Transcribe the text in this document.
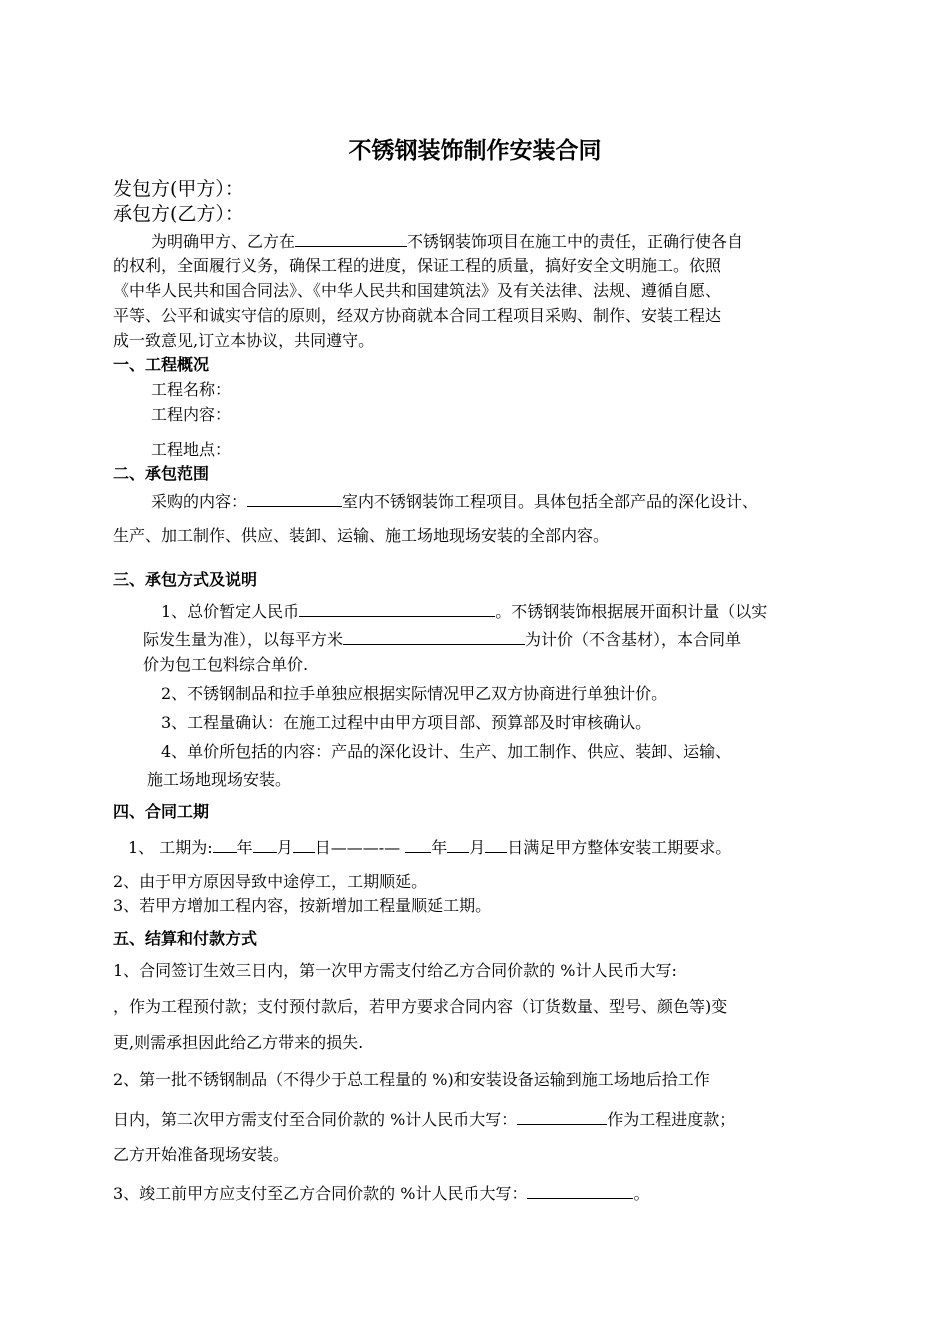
不锈钢装饰制作安装合同
发包方(甲方）：
承包方(乙方）：
为明确甲方、乙方在	不锈钢装饰项目在施工中的责任，正确行使各自
的权利，全面履行义务，确保工程的进度，保证工程的质量，搞好安全文明施工。依照
《中华人民共和国合同法》、《中华人民共和国建筑法》及有关法律、法规、遵循自愿、
平等、公平和诚实守信的原则，经双方协商就本合同工程项目采购、制作、安装工程达
成一致意见,订立本协议，共同遵守。
一、工程概况
工程名称：
工程内容：
工程地点：
二、承包范围
采购的内容：	室内不锈钢装饰工程项目。具体包括全部产品的深化设计、
生产、加工制作、供应、装卸、运输、施工场地现场安装的全部内容。
三、承包方式及说明
1、总价暂定人民币	。不锈钢装饰根据展开面积计量（以实
际发生量为准），以每平方米	为计价（不含基材），本合同单
价为包工包料综合单价.
2、不锈钢制品和拉手单独应根据实际情况甲乙双方协商进行单独计价。
3、工程量确认：在施工过程中由甲方项目部、预算部及时审核确认。
4、单价所包括的内容：产品的深化设计、生产、加工制作、供应、装卸、运输、
施工场地现场安装。
四、合同工期
1、 工期为: 年 月 日———-— 年 月 日满足甲方整体安装工期要求。
2、由于甲方原因导致中途停工，工期顺延。
3、若甲方增加工程内容，按新增加工程量顺延工期。
五、结算和付款方式
1、合同签订生效三日内，第一次甲方需支付给乙方合同价款的 %计人民币大写:
，作为工程预付款；支付预付款后，若甲方要求合同内容（订货数量、型号、颜色等)变
更,则需承担因此给乙方带来的损失.
2、第一批不锈钢制品（不得少于总工程量的 %)和安装设备运输到施工场地后拾工作
日内，第二次甲方需支付至合同价款的 %计人民币大写：	作为工程进度款；
乙方开始准备现场安装。
3、竣工前甲方应支付至乙方合同价款的 %计人民币大写：	。
